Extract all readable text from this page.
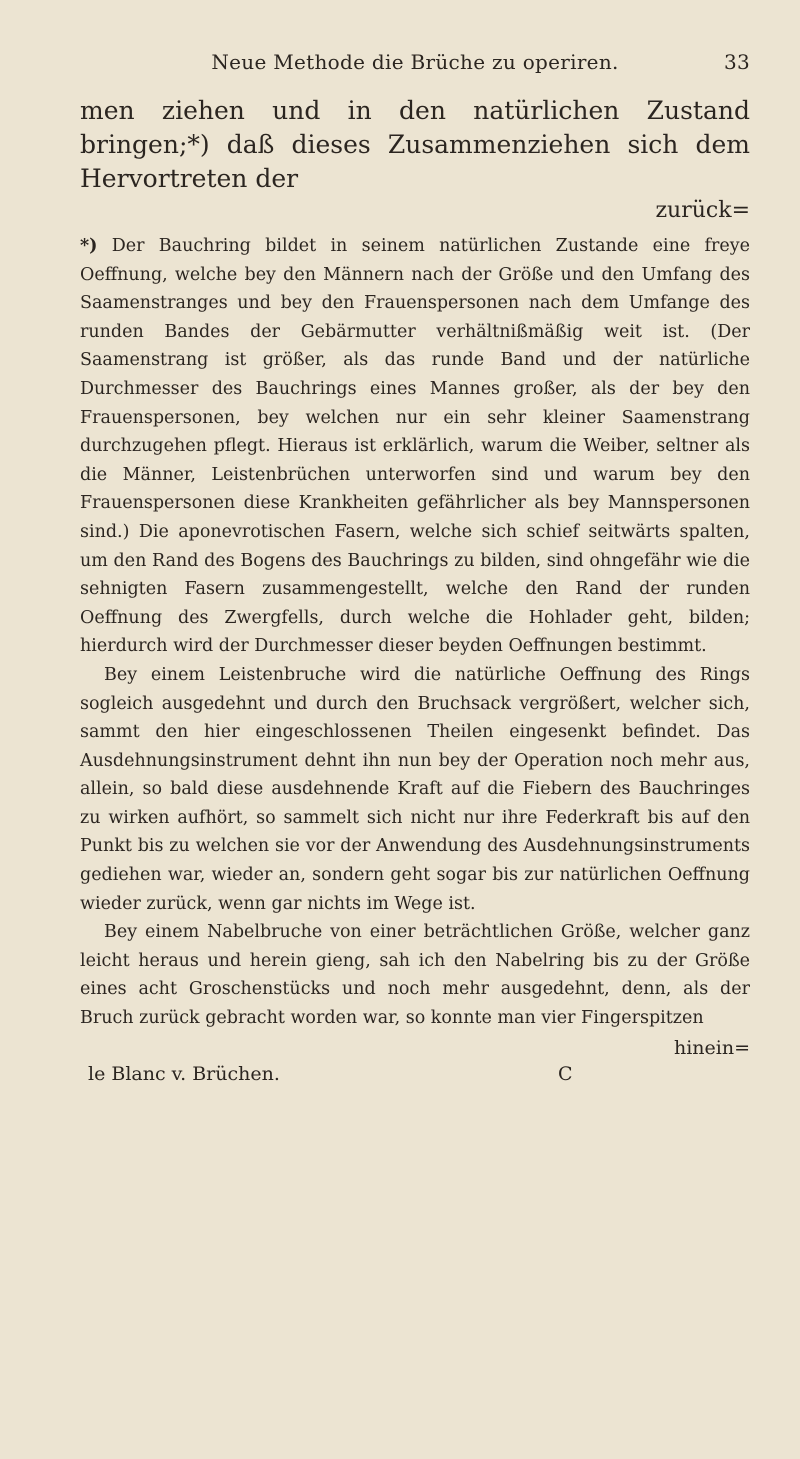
Neue Methode die Brüche zu operiren.	33

men ziehen und in den natürlichen Zustand bringen;*) daß dieses Zusammenziehen sich dem Hervortreten der

zurück=

*) Der Bauchring bildet in seinem natürlichen Zustande eine freye Oeffnung, welche bey den Männern nach der Größe und den Umfang des Saamenstranges und bey den Frauenspersonen nach dem Umfange des runden Bandes der Gebärmutter verhältnißmäßig weit ist. (Der Saamenstrang ist größer, als das runde Band und der natürliche Durchmesser des Bauchrings eines Mannes großer, als der bey den Frauenspersonen, bey welchen nur ein sehr kleiner Saamenstrang durchzugehen pflegt. Hieraus ist erklärlich, warum die Weiber, seltner als die Männer, Leistenbrüchen unterworfen sind und warum bey den Frauenspersonen diese Krankheiten gefährlicher als bey Mannspersonen sind.) Die aponevrotischen Fasern, welche sich schief seitwärts spalten, um den Rand des Bogens des Bauchrings zu bilden, sind ohngefähr wie die sehnigten Fasern zusammengestellt, welche den Rand der runden Oeffnung des Zwergfells, durch welche die Hohlader geht, bilden; hierdurch wird der Durchmesser dieser beyden Oeffnungen bestimmt.

Bey einem Leistenbruche wird die natürliche Oeffnung des Rings sogleich ausgedehnt und durch den Bruchsack vergrößert, welcher sich, sammt den hier eingeschlossenen Theilen eingesenkt befindet. Das Ausdehnungsinstrument dehnt ihn nun bey der Operation noch mehr aus, allein, so bald diese ausdehnende Kraft auf die Fiebern des Bauchringes zu wirken aufhört, so sammelt sich nicht nur ihre Federkraft bis auf den Punkt bis zu welchen sie vor der Anwendung des Ausdehnungsinstruments gediehen war, wieder an, sondern geht sogar bis zur natürlichen Oeffnung wieder zurück, wenn gar nichts im Wege ist.

Bey einem Nabelbruche von einer beträchtlichen Größe, welcher ganz leicht heraus und herein gieng, sah ich den Nabelring bis zu der Größe eines acht Groschenstücks und noch mehr ausgedehnt, denn, als der Bruch zurück gebracht worden war, so konnte man vier Fingerspitzen

hinein=

le Blanc v. Brüchen.	C
